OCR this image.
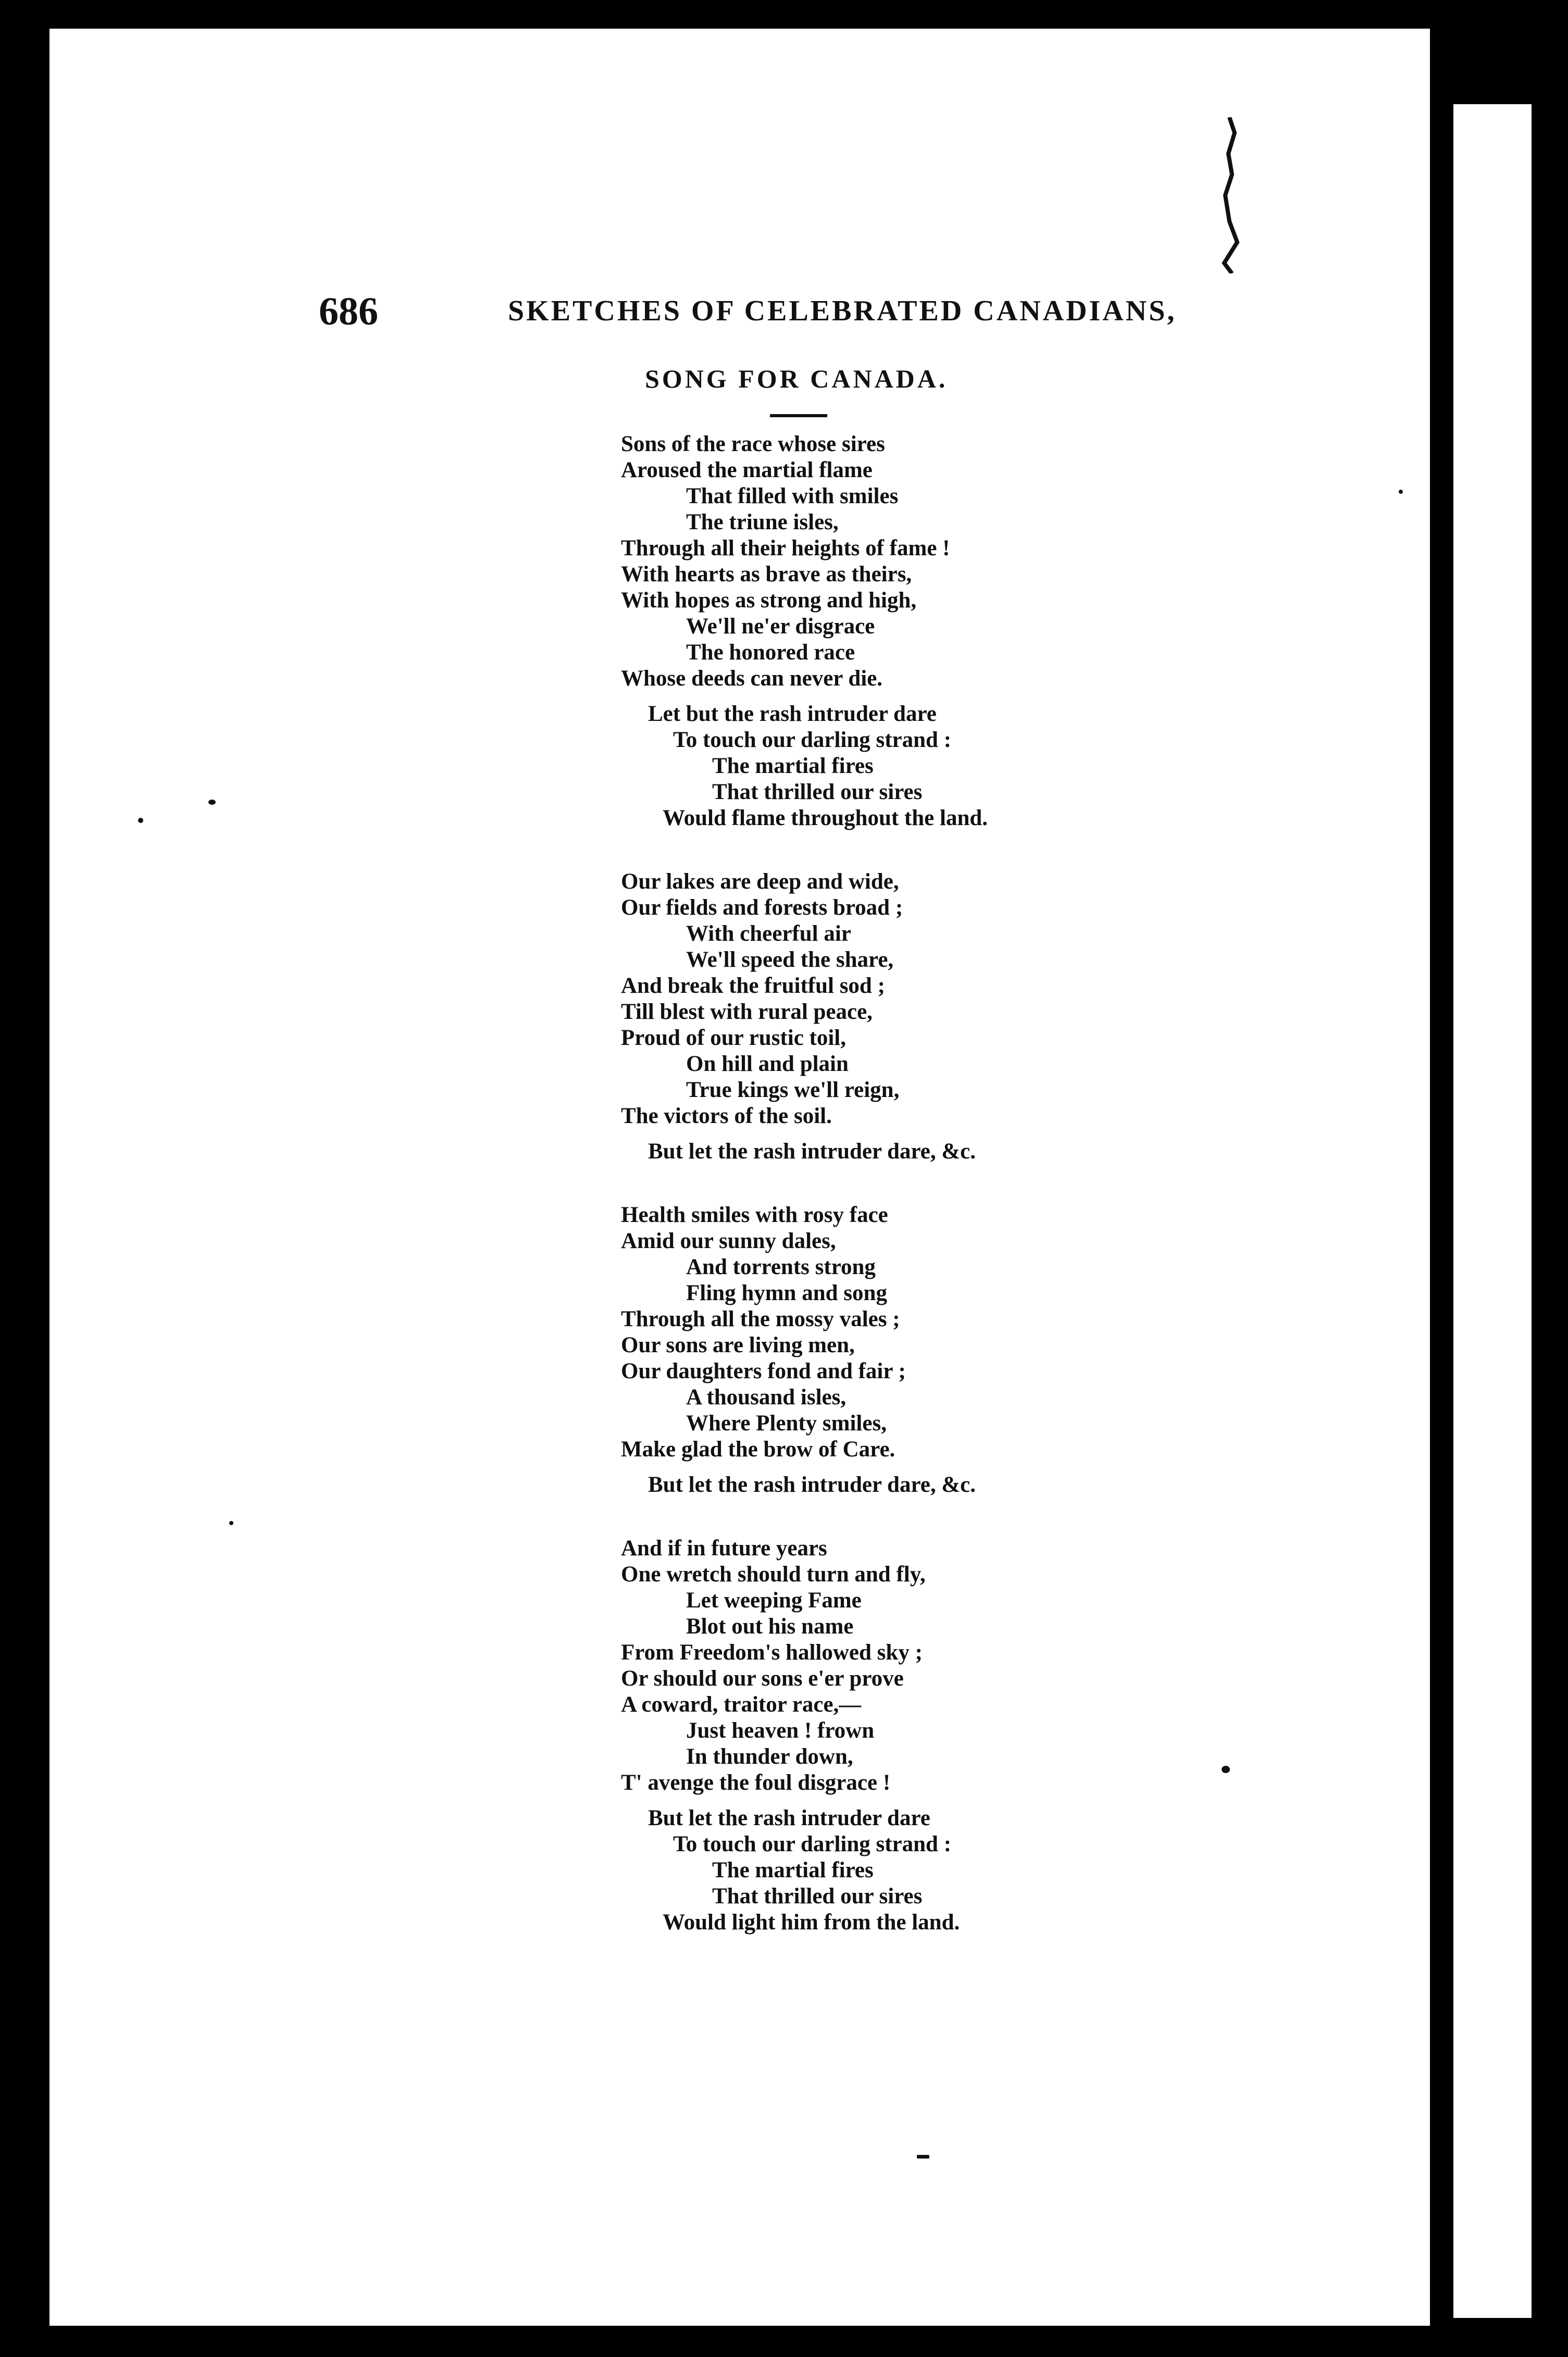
686	SKETCHES OF CELEBRATED CANADIANS,
SONG FOR CANADA.
Sons of the race whose sires
Aroused the martial flame
That filled with smiles
The triune isles,
Through all their heights of fame !
With hearts as brave as theirs,
With hopes as strong and high,
We'll ne'er disgrace
The honored race
Whose deeds can never die.
Let but the rash intruder dare
To touch our darling strand :
The martial fires
That thrilled our sires
Would flame throughout the land.
Our lakes are deep and wide,
Our fields and forests broad ;
With cheerful air
We'll speed the share,
And break the fruitful sod ;
Till blest with rural peace,
Proud of our rustic toil,
On hill and plain
True kings we'll reign,
The victors of the soil.
But let the rash intruder dare, &c.
Health smiles with rosy face
Amid our sunny dales,
And torrents strong
Fling hymn and song
Through all the mossy vales ;
Our sons are living men,
Our daughters fond and fair ;
A thousand isles,
Where Plenty smiles,
Make glad the brow of Care.
But let the rash intruder dare, &c.
And if in future years
One wretch should turn and fly,
Let weeping Fame
Blot out his name
From Freedom's hallowed sky ;
Or should our sons e'er prove
A coward, traitor race,—
Just heaven ! frown
In thunder down,
T' avenge the foul disgrace !
But let the rash intruder dare
To touch our darling strand :
The martial fires
That thrilled our sires
Would light him from the land.
